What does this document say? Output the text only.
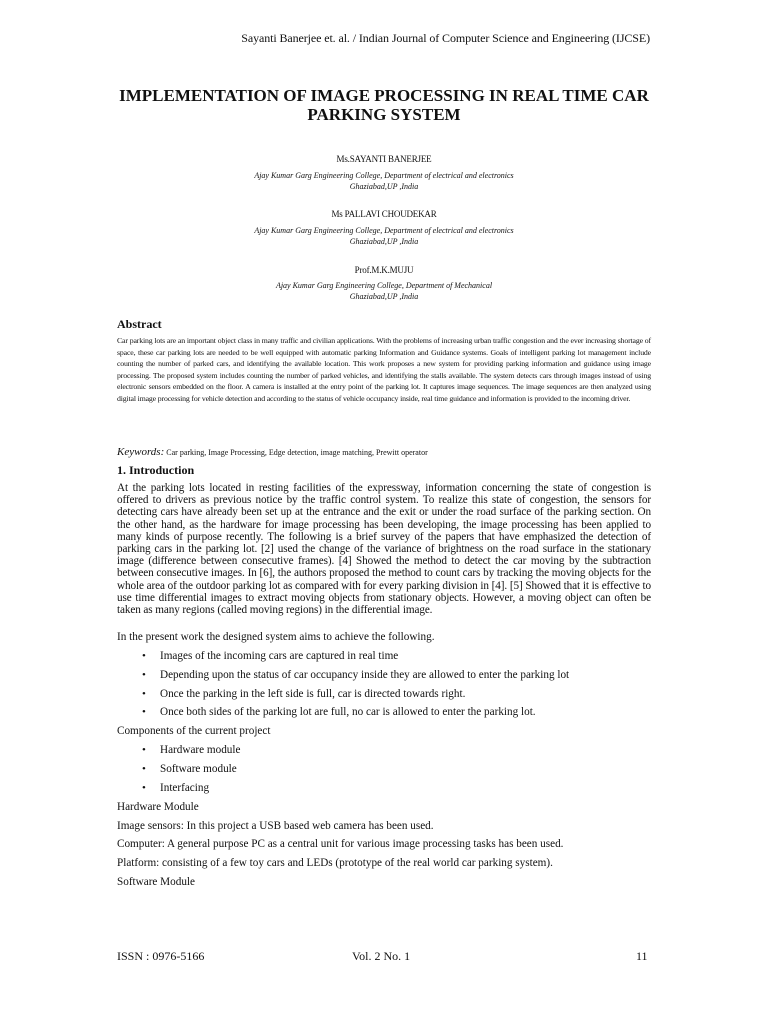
Sayanti Banerjee et. al. / Indian Journal of Computer Science and Engineering (IJCSE)
IMPLEMENTATION OF IMAGE PROCESSING IN REAL TIME CAR PARKING SYSTEM
Ms.SAYANTI BANERJEE
Ajay Kumar Garg Engineering College, Department of electrical and electronics
Ghaziabad,UP ,India
Ms PALLAVI CHOUDEKAR
Ajay Kumar Garg Engineering College, Department of electrical and electronics
Ghaziabad,UP ,India
Prof.M.K.MUJU
Ajay Kumar Garg Engineering College, Department of Mechanical
Ghaziabad,UP ,India
Abstract
Car parking lots are an important object class in many traffic and civilian applications. With the problems of increasing urban traffic congestion and the ever increasing shortage of space, these car parking lots are needed to be well equipped with automatic parking Information and Guidance systems. Goals of intelligent parking lot management include counting the number of parked cars, and identifying the available location. This work proposes a new system for providing parking information and guidance using image processing. The proposed system includes counting the number of parked vehicles, and identifying the stalls available. The system detects cars through images instead of using electronic sensors embedded on the floor. A camera is installed at the entry point of the parking lot. It captures image sequences. The image sequences are then analyzed using digital image processing for vehicle detection and according to the status of vehicle occupancy inside, real time guidance and information is provided to the incoming driver.
Keywords: Car parking, Image Processing, Edge detection, image matching, Prewitt operator
1. Introduction
At the parking lots located in resting facilities of the expressway, information concerning the state of congestion is offered to drivers as previous notice by the traffic control system. To realize this state of congestion, the sensors for detecting cars have already been set up at the entrance and the exit or under the road surface of the parking section. On the other hand, as the hardware for image processing has been developing, the image processing has been applied to many kinds of purpose recently. The following is a brief survey of the papers that have emphasized the detection of parking cars in the parking lot. [2] used the change of the variance of brightness on the road surface in the stationary image (difference between consecutive frames). [4] Showed the method to detect the car moving by the subtraction between consecutive images. In [6], the authors proposed the method to count cars by tracking the moving objects for the whole area of the outdoor parking lot as compared with for every parking division in [4]. [5] Showed that it is effective to use time differential images to extract moving objects from stationary objects. However, a moving object can often be taken as many regions (called moving regions) in the differential image.
In the present work the designed system aims to achieve the following.
• Images of the incoming cars are captured in real time
• Depending upon the status of car occupancy inside they are allowed to enter the parking lot
• Once the parking in the left side is full, car is directed towards right.
• Once both sides of the parking lot are full, no car is allowed to enter the parking lot.
Components of the current project
• Hardware module
• Software module
• Interfacing
Hardware Module
Image sensors: In this project a USB based web camera has been used.
Computer: A general purpose PC as a central unit for various image processing tasks has been used.
Platform: consisting of a few toy cars and LEDs (prototype of the real world car parking system).
Software Module
ISSN : 0976-5166	Vol. 2 No. 1	11
